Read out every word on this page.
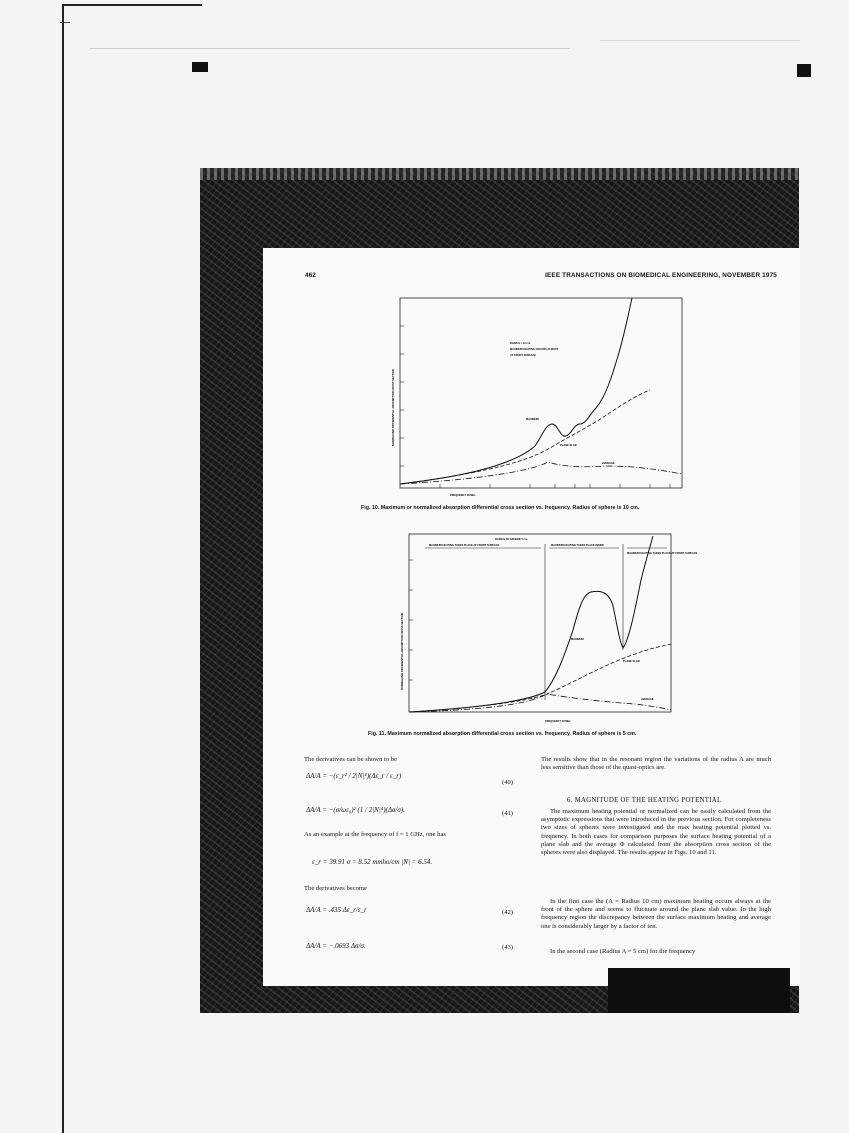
462	IEEE TRANSACTIONS ON BIOMEDICAL ENGINEERING, NOVEMBER 1975
RADIUS = 10 cm
MAXIMUM HEATING OCCURS ALWAYS
AT FRONT SURFACE
MAXIMUM
PLANE SLAB
AVERAGE
FREQUENCY IN MHz
NORMALIZED DIFFERENTIAL ABSORPTION CROSS SECTION
Fig. 10. Maximum or normalized absorption differential cross section vs. frequency. Radius of sphere is 10 cm.
RADIUS OF SPHERE 5 cm
MAXIMUM HEATING TAKES PLACE AT FRONT SURFACE	MAXIMUM HEATING TAKES PLACE INSIDE
MAXIMUM HEATING TAKES PLACE AT FRONT SURFACE
MAXIMUM
PLANE SLAB
AVERAGE
FREQUENCY IN MHz
NORMALIZED DIFFERENTIAL ABSORPTION CROSS SECTION
Fig. 11. Maximum normalized absorption differential cross section vs. frequency. Radius of sphere is 5 cm.
The derivatives can be shown to be
ΔA/A = −(ε_r² / 2|N|⁴)(Δε_r / ε_r)
(40)
ΔA/A = −(σ/ωε₀)² (1 / 2|N|⁴)(Δσ/σ).	(41)
As an example at the frequency of f = 1 GHz, one has
ε_r = 39.91 σ = 8.52 mmho/cm |N| = 6.54.
The derivatives become
ΔA/A = .435 Δε_r/ε_r	(42)
ΔA/A = −.0693 Δσ/σ.	(43)
The results show that in the resonant region the variations of the radius A are much less sensitive than those of the quasi-optics are.
6. MAGNITUDE OF THE HEATING POTENTIAL
The maximum heating potential or normalized can be easily calculated from the asymptotic expressions that were introduced in the previous section. For completeness two sizes of spheres were investigated and the max heating potential plotted vs. frequency. In both cases for comparison purposes the surface heating potential of a plane slab and the average Φ calculated from the absorption cross section of the spheres were also displayed. The results appear in Figs. 10 and 11.
In the first case the (A = Radius 10 cm) maximum heating occurs always at the front of the sphere and seems to fluctuate around the plane slab value. In the high frequency region the discrepancy between the surface maximum heating and average one is considerably larger by a factor of ten.
In the second case (Radius A = 5 cm) for the frequency
